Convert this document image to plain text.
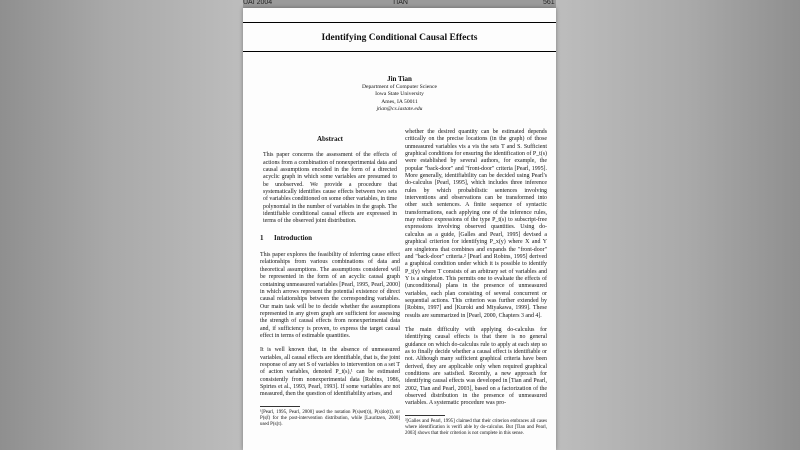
UAI 2004	TIAN	561
Identifying Conditional Causal Effects
Jin Tian
Department of Computer Science
Iowa State University
Ames, IA 50011
jtian@cs.iastate.edu
Abstract

This paper concerns the assessment of the effects of actions from a combination of nonexperimental data and causal assumptions encoded in the form of a directed acyclic graph in which some variables are presumed to be unobserved. We provide a procedure that systematically identifies cause effects between two sets of variables conditioned on some other variables, in time polynomial in the number of variables in the graph. The identifiable conditional causal effects are expressed in terms of the observed joint distribution.

1 Introduction

This paper explores the feasibility of inferring cause effect relationships from various combinations of data and theoretical assumptions. The assumptions considered will be represented in the form of an acyclic causal graph containing unmeasured variables [Pearl, 1995, Pearl, 2000] in which arrows represent the potential existence of direct causal relationships between the corresponding variables. Our main task will be to decide whether the assumptions represented in any given graph are sufficient for assessing the strength of causal effects from nonexperimental data and, if sufficiency is proven, to express the target causal effect in terms of estimable quantities.

It is well known that, in the absence of unmeasured variables, all causal effects are identifiable, that is, the joint response of any set S of variables to intervention on a set T of action variables, denoted P_t(s),¹ can be estimated consistently from nonexperimental data [Robins, 1986, Spirtes et al., 1993, Pearl, 1993]. If some variables are not measured, then the question of identifiability arises, and

¹[Pearl, 1995, Pearl, 2000] used the notation P(s|set(t)), P(s|do(t)), or P(s|t̂) for the post-intervention distribution, while [Lauritzen, 2000] used P(s||t).

whether the desired quantity can be estimated depends critically on the precise locations (in the graph) of those unmeasured variables vis a vis the sets T and S. Sufficient graphical conditions for ensuring the identification of P_t(s) were established by several authors, for example, the popular "back-door" and "front-door" criteria [Pearl, 1995]. More generally, identifiability can be decided using Pearl's do-calculus [Pearl, 1995], which includes three inference rules by which probabilistic sentences involving interventions and observations can be transformed into other such sentences. A finite sequence of syntactic transformations, each applying one of the inference rules, may reduce expressions of the type P_t(s) to subscript-free expressions involving observed quantities. Using do-calculus as a guide, [Galles and Pearl, 1995] devised a graphical criterion for identifying P_x(y) where X and Y are singletons that combines and expands the "front-door" and "back-door" criteria.² [Pearl and Robins, 1995] derived a graphical condition under which it is possible to identify P_t(y) where T consists of an arbitrary set of variables and Y is a singleton. This permits one to evaluate the effects of (unconditional) plans in the presence of unmeasured variables, each plan consisting of several concurrent or sequential actions. This criterion was further extended by [Robins, 1997] and [Kuroki and Miyakawa, 1999]. These results are summarized in [Pearl, 2000, Chapters 3 and 4].

The main difficulty with applying do-calculus for identifying causal effects is that there is no general guidance on which do-calculus rule to apply at each step so as to finally decide whether a causal effect is identifiable or not. Although many sufficient graphical criteria have been derived, they are applicable only when required graphical conditions are satisfied. Recently, a new approach for identifying causal effects was developed in [Tian and Pearl, 2002, Tian and Pearl, 2003], based on a factorization of the observed distribution in the presence of unmeasured variables. A systematic procedure was pro-

²[Galles and Pearl, 1995] claimed that their criterion embraces all cases where identification is verifi able by do-calculus. But [Tian and Pearl, 2003] shows that their criterion is not complete in this sense.
